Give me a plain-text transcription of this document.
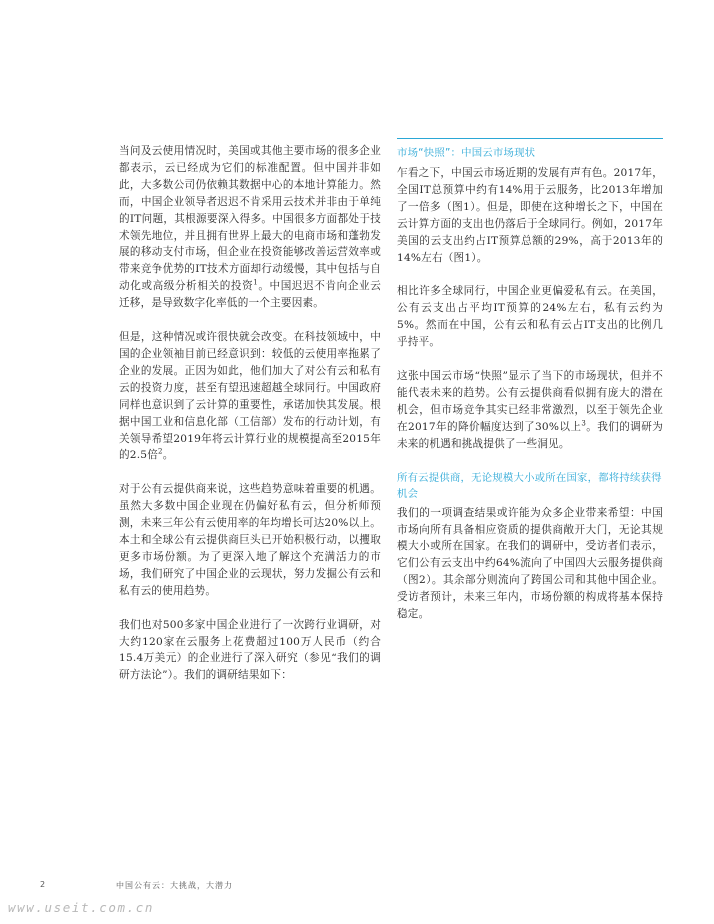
当问及云使用情况时，美国或其他主要市场的很多企业都表示，云已经成为它们的标准配置。但中国并非如此，大多数公司仍依赖其数据中心的本地计算能力。然而，中国企业领导者迟迟不肯采用云技术并非由于单纯的IT问题，其根源要深入得多。中国很多方面都处于技术领先地位，并且拥有世界上最大的电商市场和蓬勃发展的移动支付市场，但企业在投资能够改善运营效率或带来竞争优势的IT技术方面却行动缓慢，其中包括与自动化或高级分析相关的投资$^1$。中国迟迟不肯向企业云迁移，是导致数字化率低的一个主要因素。

但是，这种情况或许很快就会改变。在科技领域中，中国的企业领袖目前已经意识到：较低的云使用率拖累了企业的发展。正因为如此，他们加大了对公有云和私有云的投资力度，甚至有望迅速超越全球同行。中国政府同样也意识到了云计算的重要性，承诺加快其发展。根据中国工业和信息化部（工信部）发布的行动计划，有关领导希望2019年将云计算行业的规模提高至2015年的2.5倍$^2$。

对于公有云提供商来说，这些趋势意味着重要的机遇。虽然大多数中国企业现在仍偏好私有云，但分析师预测，未来三年公有云使用率的年均增长可达20%以上。本土和全球公有云提供商巨头已开始积极行动，以攫取更多市场份额。为了更深入地了解这个充满活力的市场，我们研究了中国企业的云现状，努力发掘公有云和私有云的使用趋势。

我们也对500多家中国企业进行了一次跨行业调研，对大约120家在云服务上花费超过100万人民币（约合15.4万美元）的企业进行了深入研究（参见“我们的调研方法论”）。我们的调研结果如下：

市场“快照”：中国云市场现状

乍看之下，中国云市场近期的发展有声有色。2017年，全国IT总预算中约有14%用于云服务，比2013年增加了一倍多（图1）。但是，即使在这种增长之下，中国在云计算方面的支出也仍落后于全球同行。例如，2017年美国的云支出约占IT预算总额的29%，高于2013年的14%左右（图1）。

相比许多全球同行，中国企业更偏爱私有云。在美国，公有云支出占平均IT预算的24%左右，私有云约为5%。然而在中国，公有云和私有云占IT支出的比例几乎持平。

这张中国云市场“快照”显示了当下的市场现状，但并不能代表未来的趋势。公有云提供商看似拥有庞大的潜在机会，但市场竞争其实已经非常激烈，以至于领先企业在2017年的降价幅度达到了30%以上$^3$。我们的调研为未来的机遇和挑战提供了一些洞见。

所有云提供商，无论规模大小或所在国家，都将持续获得机会

我们的一项调查结果或许能为众多企业带来希望：中国市场向所有具备相应资质的提供商敞开大门，无论其规模大小或所在国家。在我们的调研中，受访者们表示，它们公有云支出中约64%流向了中国四大云服务提供商（图2）。其余部分则流向了跨国公司和其他中国企业。受访者预计，未来三年内，市场份额的构成将基本保持稳定。

2	中国公有云：大挑战，大潜力
www.useit.com.cn
